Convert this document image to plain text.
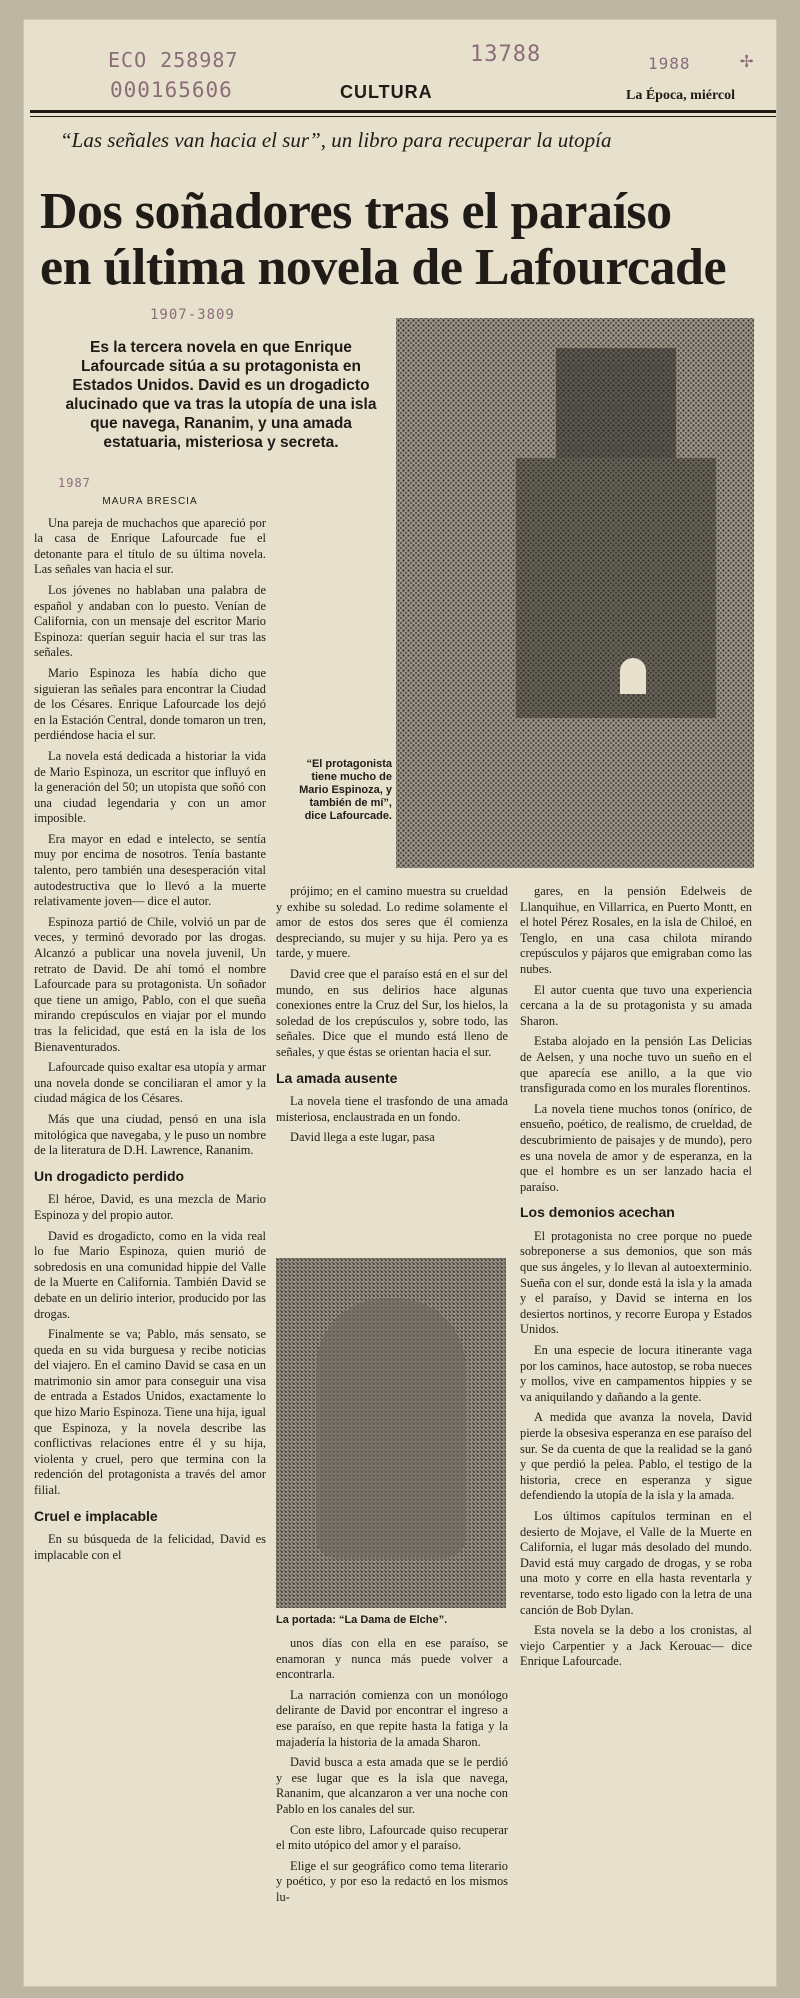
ECO 258987
000165606
13788	1988 ✢
1907-3809
1987
CULTURA	La Época, miércol
“Las señales van hacia el sur”, un libro para recuperar la utopía
Dos soñadores tras el paraíso
en última novela de Lafourcade
Es la tercera novela en que Enrique Lafourcade sitúa a su protagonista en Estados Unidos. David es un drogadicto alucinado que va tras la utopía de una isla que navega, Rananim, y una amada estatuaria, misteriosa y secreta.
“El protagonista tiene mucho de Mario Espinoza, y también de mí”, dice Lafourcade.
MAURA BRESCIA

Una pareja de muchachos que apareció por la casa de Enrique Lafourcade fue el detonante para el título de su última novela. Las señales van hacia el sur.

Los jóvenes no hablaban una palabra de español y andaban con lo puesto. Venían de California, con un mensaje del escritor Mario Espinoza: querían seguir hacia el sur tras las señales.

Mario Espinoza les había dicho que siguieran las señales para encontrar la Ciudad de los Césares. Enrique Lafourcade los dejó en la Estación Central, donde tomaron un tren, perdiéndose hacia el sur.

La novela está dedicada a historiar la vida de Mario Espinoza, un escritor que influyó en la generación del 50; un utopista que soñó con una ciudad legendaria y con un amor imposible.

Era mayor en edad e intelecto, se sentía muy por encima de nosotros. Tenía bastante talento, pero también una desesperación vital autodestructiva que lo llevó a la muerte relativamente joven— dice el autor.

Espinoza partió de Chile, volvió un par de veces, y terminó devorado por las drogas. Alcanzó a publicar una novela juvenil, Un retrato de David. De ahí tomó el nombre Lafourcade para su protagonista. Un soñador que tiene un amigo, Pablo, con el que sueña mirando crepúsculos en viajar por el mundo tras la felicidad, que está en la isla de los Bienaventurados.

Lafourcade quiso exaltar esa utopía y armar una novela donde se conciliaran el amor y la ciudad mágica de los Césares.

Más que una ciudad, pensó en una isla mitológica que navegaba, y le puso un nombre de la literatura de D.H. Lawrence, Rananim.

Un drogadicto perdido

El héroe, David, es una mezcla de Mario Espinoza y del propio autor.

David es drogadicto, como en la vida real lo fue Mario Espinoza, quien murió de sobredosis en una comunidad hippie del Valle de la Muerte en California. También David se debate en un delirio interior, producido por las drogas.

Finalmente se va; Pablo, más sensato, se queda en su vida burguesa y recibe noticias del viajero. En el camino David se casa en un matrimonio sin amor para conseguir una visa de entrada a Estados Unidos, exactamente lo que hizo Mario Espinoza. Tiene una hija, igual que Espinoza, y la novela describe las conflictivas relaciones entre él y su hija, violenta y cruel, pero que termina con la redención del protagonista a través del amor filial.

Cruel e implacable

En su búsqueda de la felicidad, David es implacable con el

prójimo; en el camino muestra su crueldad y exhibe su soledad. Lo redime solamente el amor de estos dos seres que él comienza despreciando, su mujer y su hija. Pero ya es tarde, y muere.

David cree que el paraíso está en el sur del mundo, en sus delirios hace algunas conexiones entre la Cruz del Sur, los hielos, la soledad de los crepúsculos y, sobre todo, las señales. Dice que el mundo está lleno de señales, y que éstas se orientan hacia el sur.

La amada ausente

La novela tiene el trasfondo de una amada misteriosa, enclaustrada en un fondo.

David llega a este lugar, pasa

La portada: “La Dama de Elche”.

unos días con ella en ese paraíso, se enamoran y nunca más puede volver a encontrarla.

La narración comienza con un monólogo delirante de David por encontrar el ingreso a ese paraíso, en que repite hasta la fatiga y la majadería la historia de la amada Sharon.

David busca a esta amada que se le perdió y ese lugar que es la isla que navega, Rananim, que alcanzaron a ver una noche con Pablo en los canales del sur.

Con este libro, Lafourcade quiso recuperar el mito utópico del amor y el paraíso.

Elige el sur geográfico como tema literario y poético, y por eso la redactó en los mismos lu-

gares, en la pensión Edelweis de Llanquihue, en Villarrica, en Puerto Montt, en el hotel Pérez Rosales, en la isla de Chiloé, en Tenglo, en una casa chilota mirando crepúsculos y pájaros que emigraban como las nubes.

El autor cuenta que tuvo una experiencia cercana a la de su protagonista y su amada Sharon.

Estaba alojado en la pensión Las Delicias de Aelsen, y una noche tuvo un sueño en el que aparecía ese anillo, a la que vio transfigurada como en los murales florentinos.

La novela tiene muchos tonos (onírico, de ensueño, poético, de realismo, de crueldad, de descubrimiento de paisajes y de mundo), pero es una novela de amor y de esperanza, en la que el hombre es un ser lanzado hacia el paraíso.

Los demonios acechan

El protagonista no cree porque no puede sobreponerse a sus demonios, que son más que sus ángeles, y lo llevan al autoexterminio. Sueña con el sur, donde está la isla y la amada y el paraíso, y David se interna en los desiertos nortinos, y recorre Europa y Estados Unidos.

En una especie de locura itinerante vaga por los caminos, hace autostop, se roba nueces y mollos, vive en campamentos hippies y se va aniquilando y dañando a la gente.

A medida que avanza la novela, David pierde la obsesiva esperanza en ese paraíso del sur. Se da cuenta de que la realidad se la ganó y que perdió la pelea. Pablo, el testigo de la historia, crece en esperanza y sigue defendiendo la utopía de la isla y la amada.

Los últimos capítulos terminan en el desierto de Mojave, el Valle de la Muerte en California, el lugar más desolado del mundo. David está muy cargado de drogas, y se roba una moto y corre en ella hasta reventarla y reventarse, todo esto ligado con la letra de una canción de Bob Dylan.

Esta novela se la debo a los cronistas, al viejo Carpentier y a Jack Kerouac— dice Enrique Lafourcade.
